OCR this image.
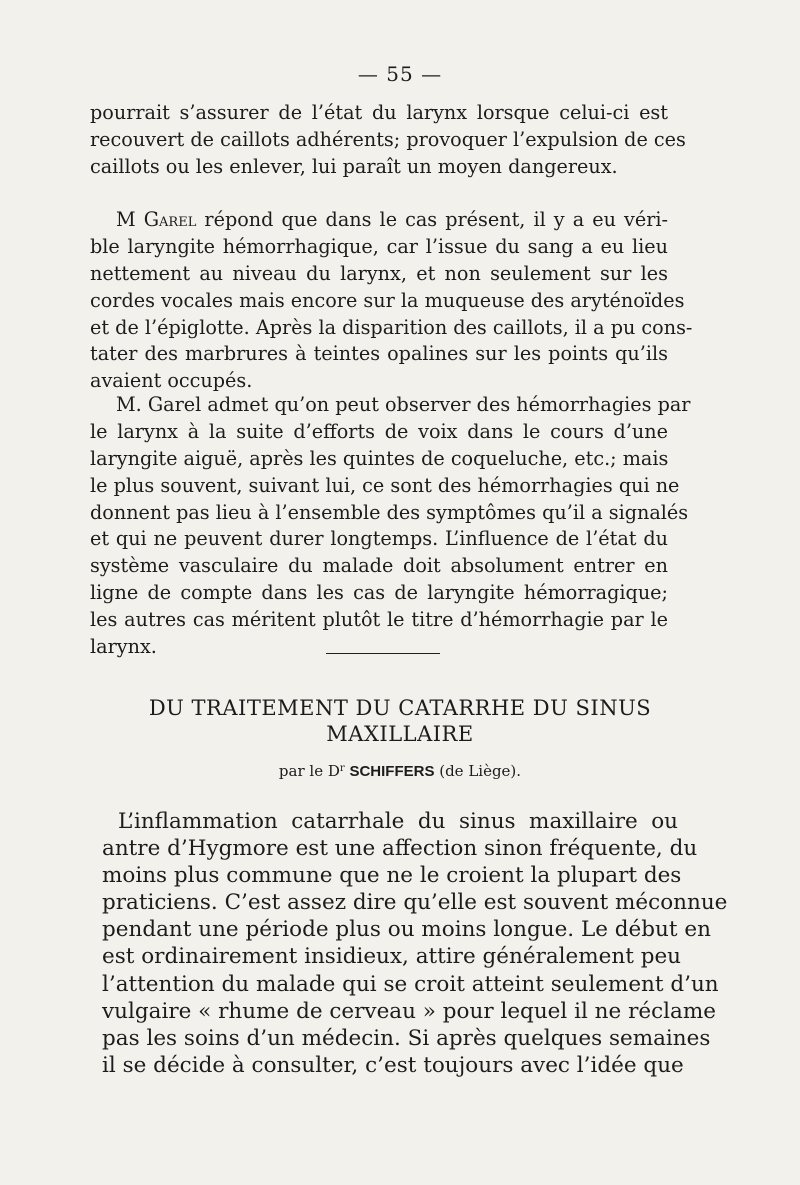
— 55 —
pourrait s’assurer de l’état du larynx lorsque celui-ci est
recouvert de caillots adhérents; provoquer l’expulsion de ces
caillots ou les enlever, lui paraît un moyen dangereux.
M Garel répond que dans le cas présent, il y a eu véri-
ble laryngite hémorrhagique, car l’issue du sang a eu lieu
nettement au niveau du larynx, et non seulement sur les
cordes vocales mais encore sur la muqueuse des aryténoïdes
et de l’épiglotte. Après la disparition des caillots, il a pu cons-
tater des marbrures à teintes opalines sur les points qu’ils
avaient occupés.
M. Garel admet qu’on peut observer des hémorrhagies par
le larynx à la suite d’efforts de voix dans le cours d’une
laryngite aiguë, après les quintes de coqueluche, etc.; mais
le plus souvent, suivant lui, ce sont des hémorrhagies qui ne
donnent pas lieu à l’ensemble des symptômes qu’il a signalés
et qui ne peuvent durer longtemps. L’influence de l’état du
système vasculaire du malade doit absolument entrer en
ligne de compte dans les cas de laryngite hémorragique;
les autres cas méritent plutôt le titre d’hémorrhagie par le
larynx.
DU TRAITEMENT DU CATARRHE DU SINUS
MAXILLAIRE
par le $D^r$ SCHIFFERS (de Liège).
L’inflammation catarrhale du sinus maxillaire ou
antre d’Hygmore est une affection sinon fréquente, du
moins plus commune que ne le croient la plupart des
praticiens. C’est assez dire qu’elle est souvent méconnue
pendant une période plus ou moins longue. Le début en
est ordinairement insidieux, attire généralement peu
l’attention du malade qui se croit atteint seulement d’un
vulgaire « rhume de cerveau » pour lequel il ne réclame
pas les soins d’un médecin. Si après quelques semaines
il se décide à consulter, c’est toujours avec l’idée que
